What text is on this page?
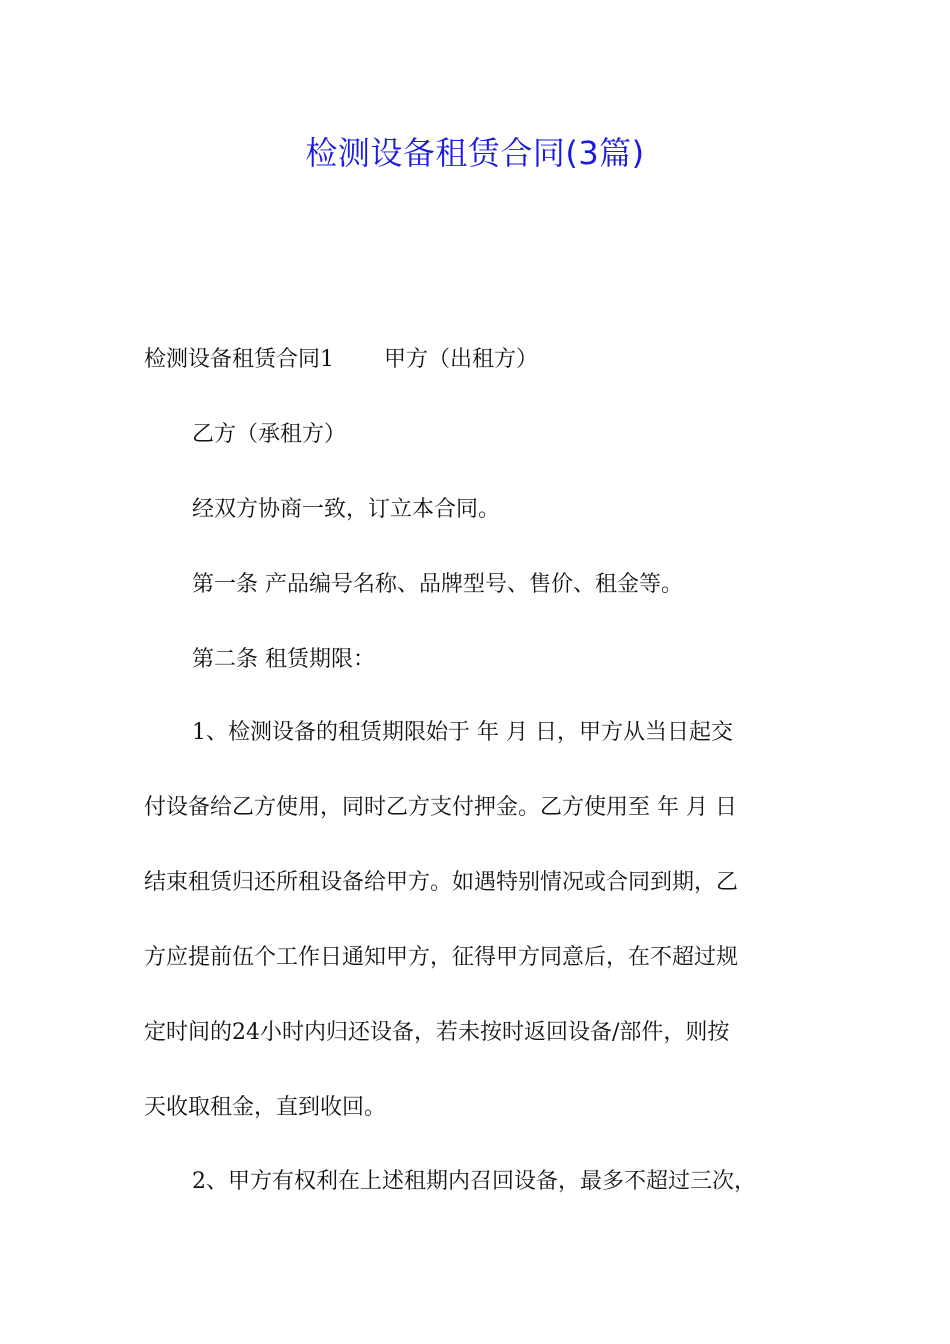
检测设备租赁合同(3篇)
检测设备租赁合同1 甲方（出租方）
乙方（承租方）
经双方协商一致，订立本合同。
第一条 产品编号名称、品牌型号、售价、租金等。
第二条 租赁期限：
1、检测设备的租赁期限始于 年 月 日，甲方从当日起交
付设备给乙方使用，同时乙方支付押金。乙方使用至 年 月 日
结束租赁归还所租设备给甲方。如遇特别情况或合同到期，乙
方应提前伍个工作日通知甲方，征得甲方同意后，在不超过规
定时间的24小时内归还设备，若未按时返回设备/部件，则按
天收取租金，直到收回。
2、甲方有权利在上述租期内召回设备，最多不超过三次，
